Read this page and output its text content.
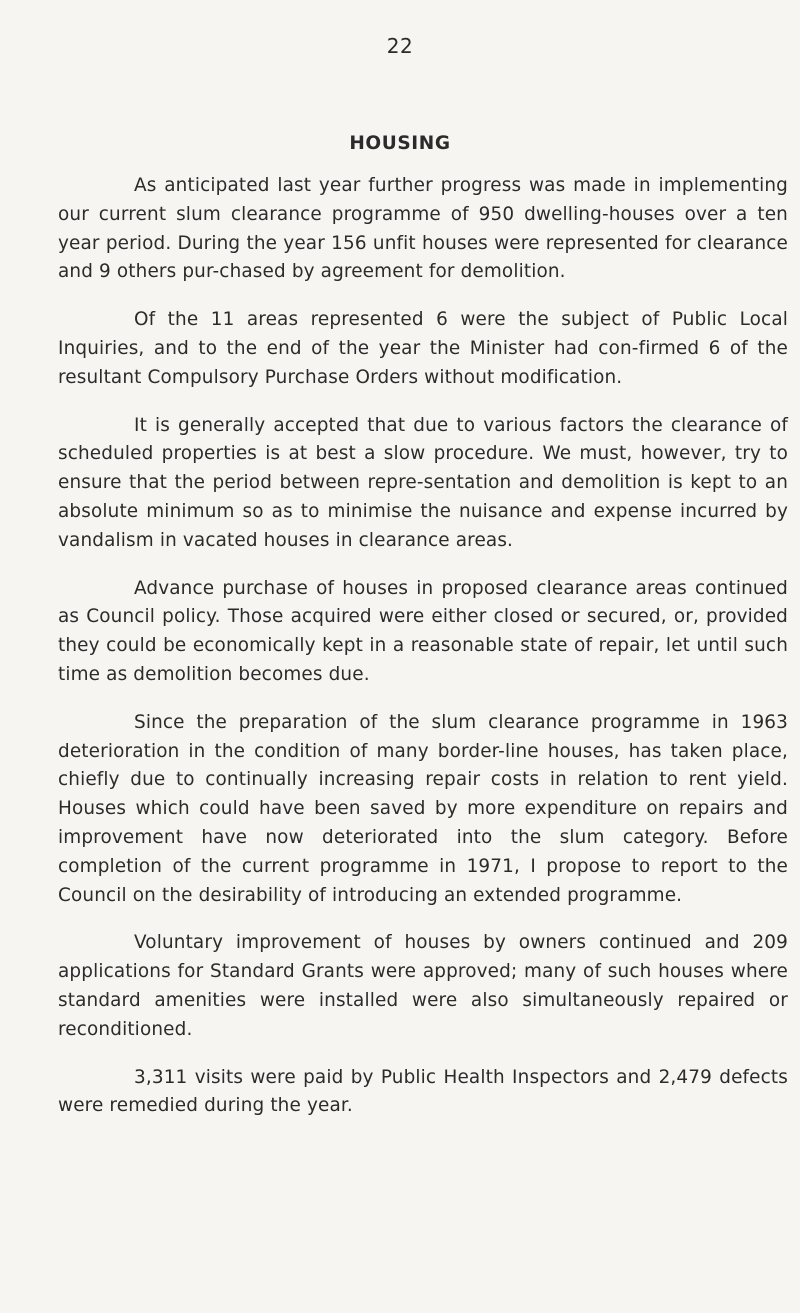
22
HOUSING

As anticipated last year further progress was made in implementing our current slum clearance programme of 950 dwelling-houses over a ten year period. During the year 156 unfit houses were represented for clearance and 9 others pur-chased by agreement for demolition.

Of the 11 areas represented 6 were the subject of Public Local Inquiries, and to the end of the year the Minister had con-firmed 6 of the resultant Compulsory Purchase Orders without modification.

It is generally accepted that due to various factors the clearance of scheduled properties is at best a slow procedure. We must, however, try to ensure that the period between repre-sentation and demolition is kept to an absolute minimum so as to minimise the nuisance and expense incurred by vandalism in vacated houses in clearance areas.

Advance purchase of houses in proposed clearance areas continued as Council policy. Those acquired were either closed or secured, or, provided they could be economically kept in a reasonable state of repair, let until such time as demolition becomes due.

Since the preparation of the slum clearance programme in 1963 deterioration in the condition of many border-line houses, has taken place, chiefly due to continually increasing repair costs in relation to rent yield. Houses which could have been saved by more expenditure on repairs and improvement have now deteriorated into the slum category. Before completion of the current programme in 1971, I propose to report to the Council on the desirability of introducing an extended programme.

Voluntary improvement of houses by owners continued and 209 applications for Standard Grants were approved; many of such houses where standard amenities were installed were also simultaneously repaired or reconditioned.

3,311 visits were paid by Public Health Inspectors and 2,479 defects were remedied during the year.
